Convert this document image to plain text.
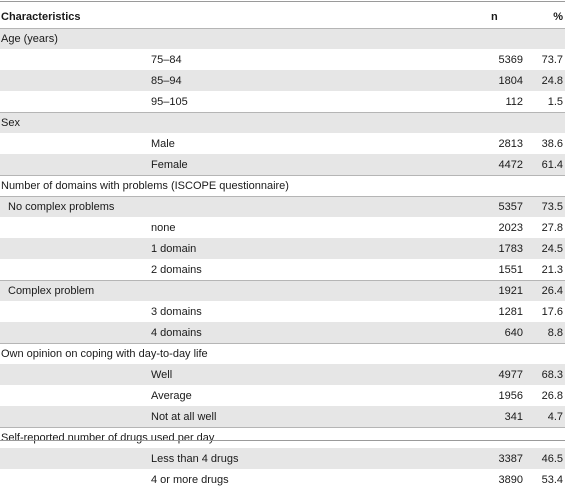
Characteristics	n	%
Age (years)
75–84	5369	73.7
85–94	1804	24.8
95–105	112	1.5
Sex
Male	2813	38.6
Female	4472	61.4
Number of domains with problems (ISCOPE questionnaire)
No complex problems	5357	73.5
none	2023	27.8
1 domain	1783	24.5
2 domains	1551	21.3
Complex problem	1921	26.4
3 domains	1281	17.6
4 domains	640	8.8
Own opinion on coping with day-to-day life
Well	4977	68.3
Average	1956	26.8
Not at all well	341	4.7
Self-reported number of drugs used per day
Less than 4 drugs	3387	46.5
4 or more drugs	3890	53.4
